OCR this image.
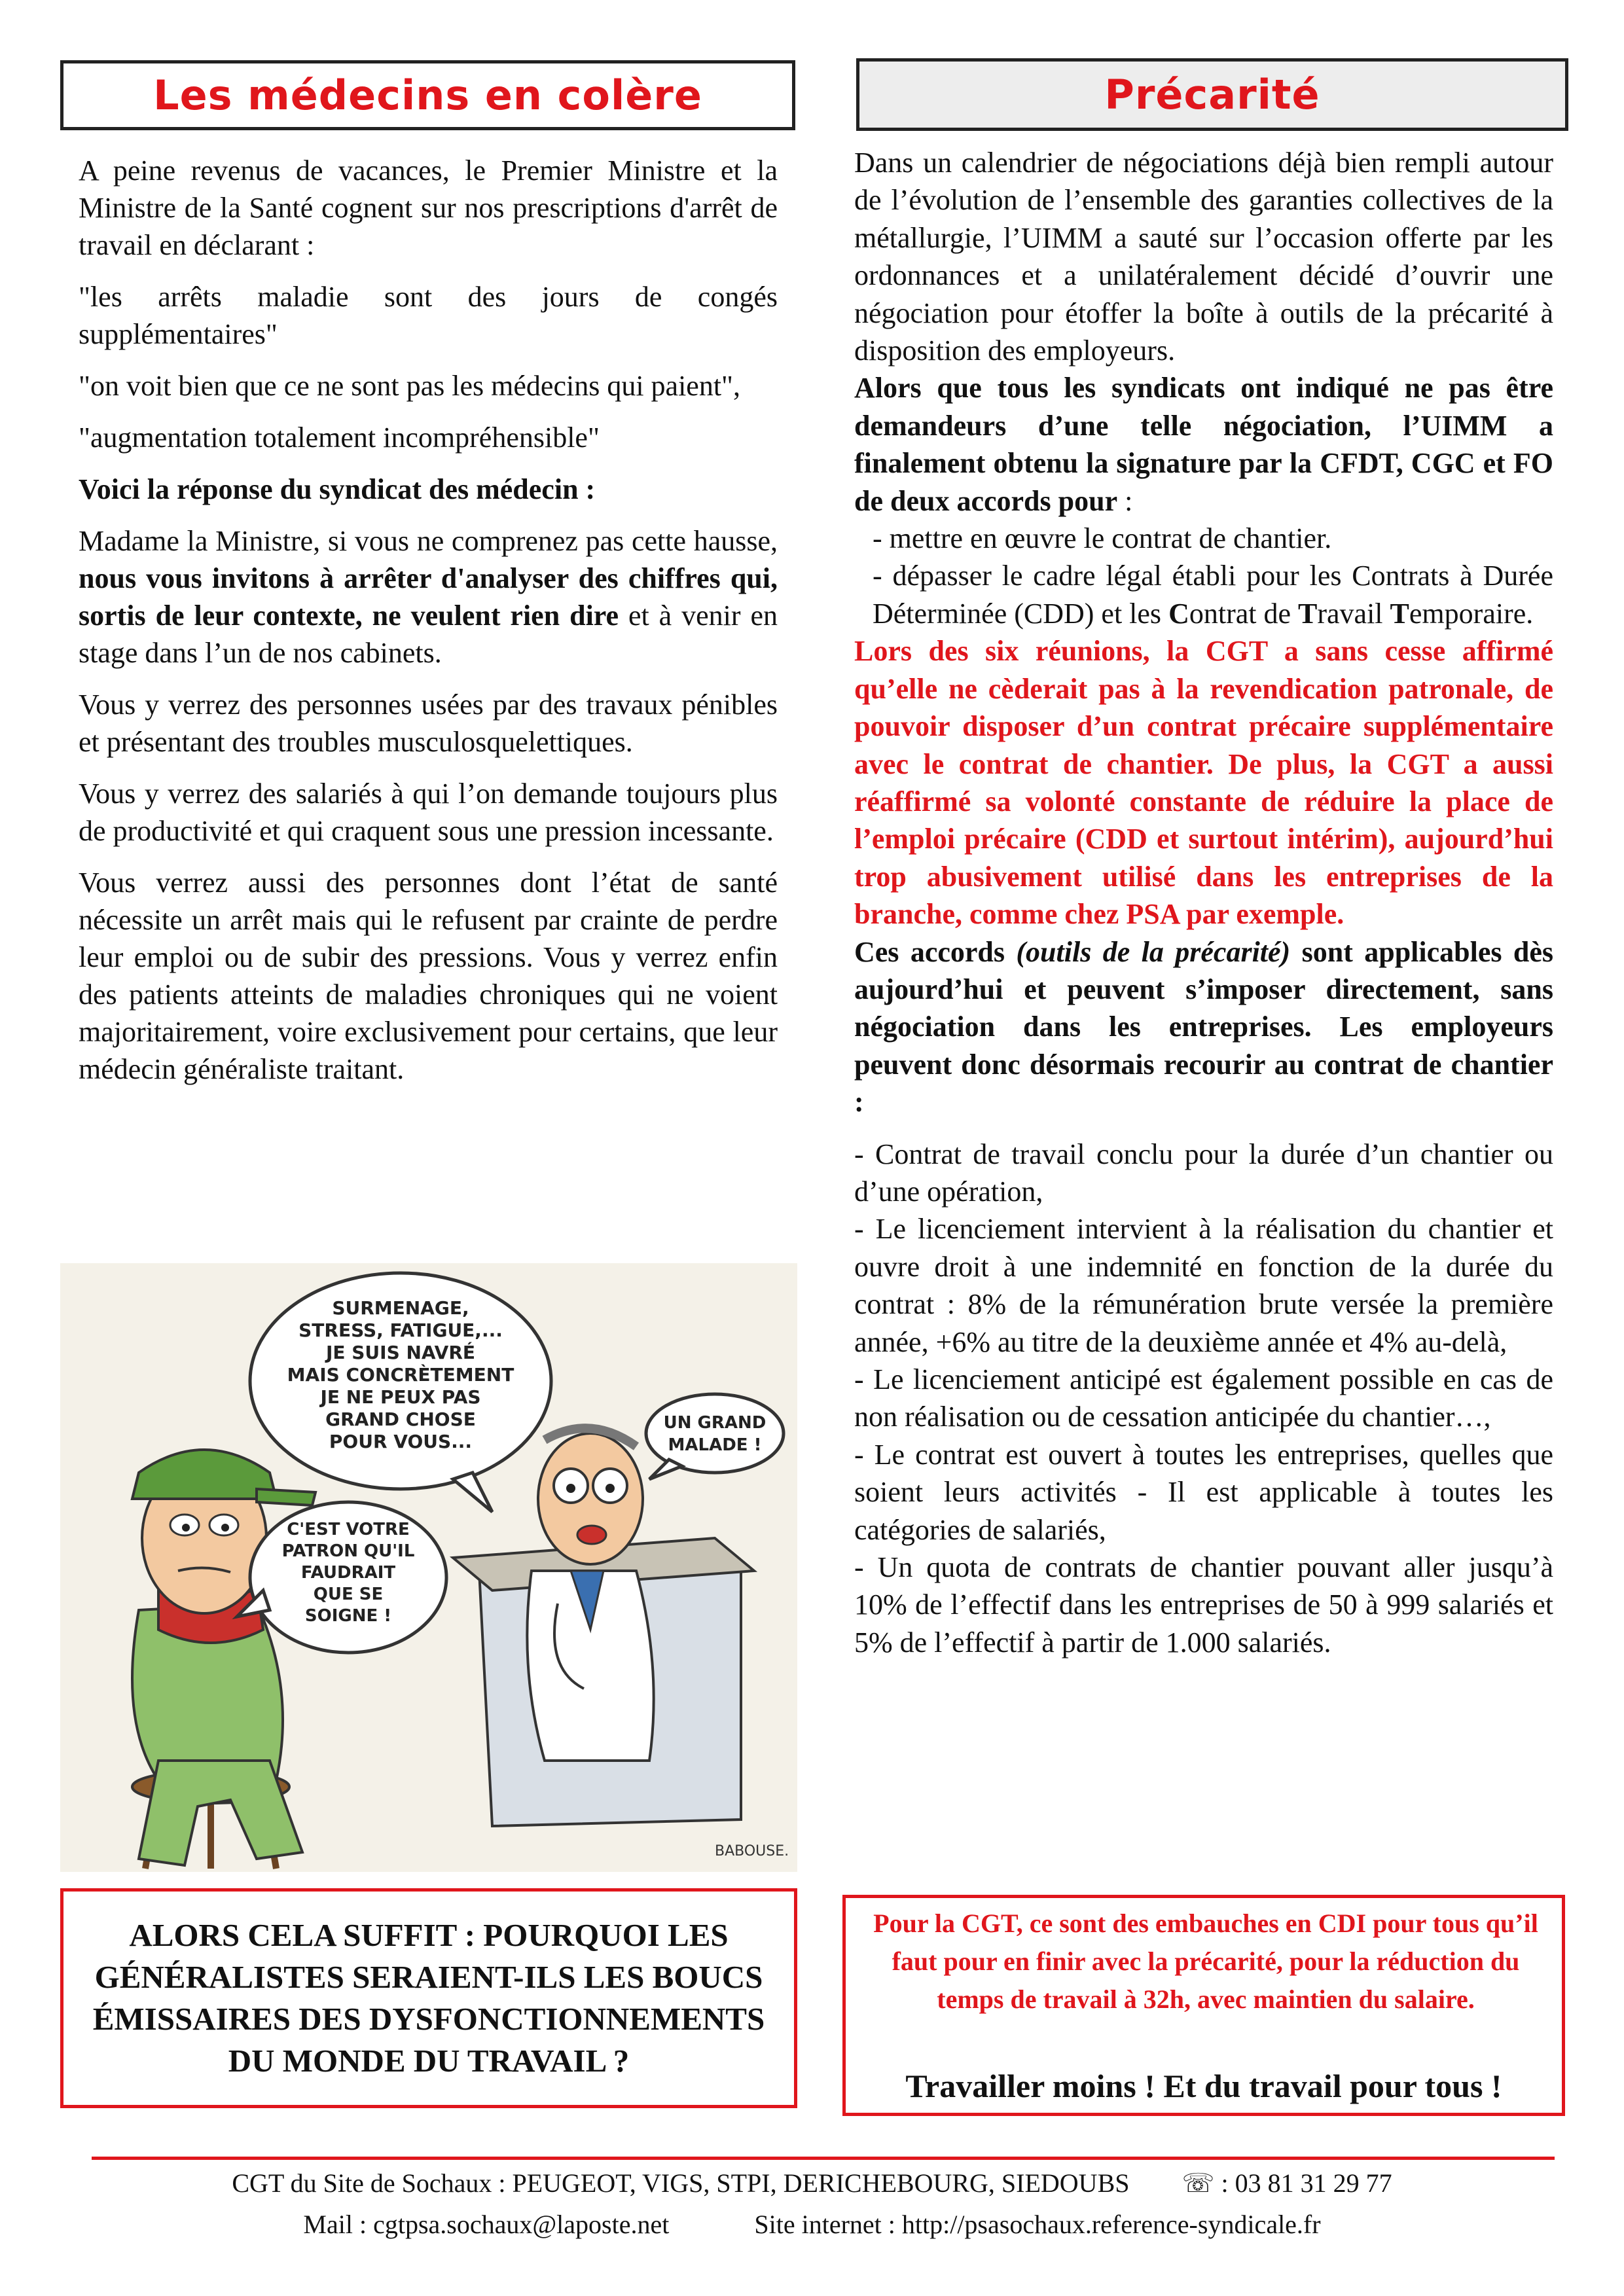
Les médecins en colère	Précarité

A peine revenus de vacances, le Premier Ministre et la Ministre de la Santé cognent sur nos prescriptions d'arrêt de travail en déclarant :

"les arrêts maladie sont des jours de congés supplémentaires"

"on voit bien que ce ne sont pas les médecins qui paient",

"augmentation totalement incompréhensible"

Voici la réponse du syndicat des médecin :

Madame la Ministre, si vous ne comprenez pas cette hausse, nous vous invitons à arrêter d'analyser des chiffres qui, sortis de leur contexte, ne veulent rien dire et à venir en stage dans l’un de nos cabinets.

Vous y verrez des personnes usées par des travaux pénibles et présentant des troubles musculosquelettiques.

Vous y verrez des salariés à qui l’on demande toujours plus de productivité et qui craquent sous une pression incessante.

Vous verrez aussi des personnes dont l’état de santé nécessite un arrêt mais qui le refusent par crainte de perdre leur emploi ou de subir des pressions. Vous y verrez enfin des patients atteints de maladies chroniques qui ne voient majoritairement, voire exclusivement pour certains, que leur médecin généraliste traitant.

SURMENAGE,
STRESS, FATIGUE,...
JE SUIS NAVRÉ
MAIS CONCRÈTEMENT
JE NE PEUX PAS
GRAND CHOSE
POUR VOUS...
C'EST VOTRE
PATRON QU'IL
FAUDRAIT
QUE SE
SOIGNE !
UN GRAND
MALADE !
BABOUSE.
ALORS CELA SUFFIT : POURQUOI LES GÉNÉRALISTES SERAIENT-ILS LES BOUCS ÉMISSAIRES DES DYSFONCTIONNEMENTS DU MONDE DU TRAVAIL ?

Dans un calendrier de négociations déjà bien rempli autour de l’évolution de l’ensemble des garanties collectives de la métallurgie, l’UIMM a sauté sur l’occasion offerte par les ordonnances et a unilatéralement décidé d’ouvrir une négociation pour étoffer la boîte à outils de la précarité à disposition des employeurs.

Alors que tous les syndicats ont indiqué ne pas être demandeurs d’une telle négociation, l’UIMM a finalement obtenu la signature par la CFDT, CGC et FO de deux accords pour :

- mettre en œuvre le contrat de chantier.

- dépasser le cadre légal établi pour les Contrats à Durée Déterminée (CDD) et les Contrat de Travail Temporaire.

Lors des six réunions, la CGT a sans cesse affirmé qu’elle ne cèderait pas à la revendication patronale, de pouvoir disposer d’un contrat précaire supplémentaire avec le contrat de chantier. De plus, la CGT a aussi réaffirmé sa volonté constante de réduire la place de l’emploi précaire (CDD et surtout intérim), aujourd’hui trop abusivement utilisé dans les entreprises de la branche, comme chez PSA par exemple.

Ces accords (outils de la précarité) sont applicables dès aujourd’hui et peuvent s’imposer directement, sans négociation dans les entreprises. Les employeurs peuvent donc désormais recourir au contrat de chantier :

- Contrat de travail conclu pour la durée d’un chantier ou d’une opération,

- Le licenciement intervient à la réalisation du chantier et ouvre droit à une indemnité en fonction de la durée du contrat : 8% de la rémunération brute versée la première année, +6% au titre de la deuxième année et 4% au-delà,

- Le licenciement anticipé est également possible en cas de non réalisation ou de cessation anticipée du chantier…,

- Le contrat est ouvert à toutes les entreprises, quelles que soient leurs activités - Il est applicable à toutes les catégories de salariés,

- Un quota de contrats de chantier pouvant aller jusqu’à 10% de l’effectif dans les entreprises de 50 à 999 salariés et 5% de l’effectif à partir de 1.000 salariés.

Pour la CGT, ce sont des embauches en CDI pour tous qu’il faut pour en finir avec la précarité, pour la réduction du temps de travail à 32h, avec maintien du salaire.
Travailler moins ! Et du travail pour tous !
CGT du Site de Sochaux : PEUGEOT, VIGS, STPI, DERICHEBOURG, SIEDOUBS ☏ : 03 81 31 29 77
Mail : cgtpsa.sochaux@laposte.net	Site internet : http://psasochaux.reference-syndicale.fr
